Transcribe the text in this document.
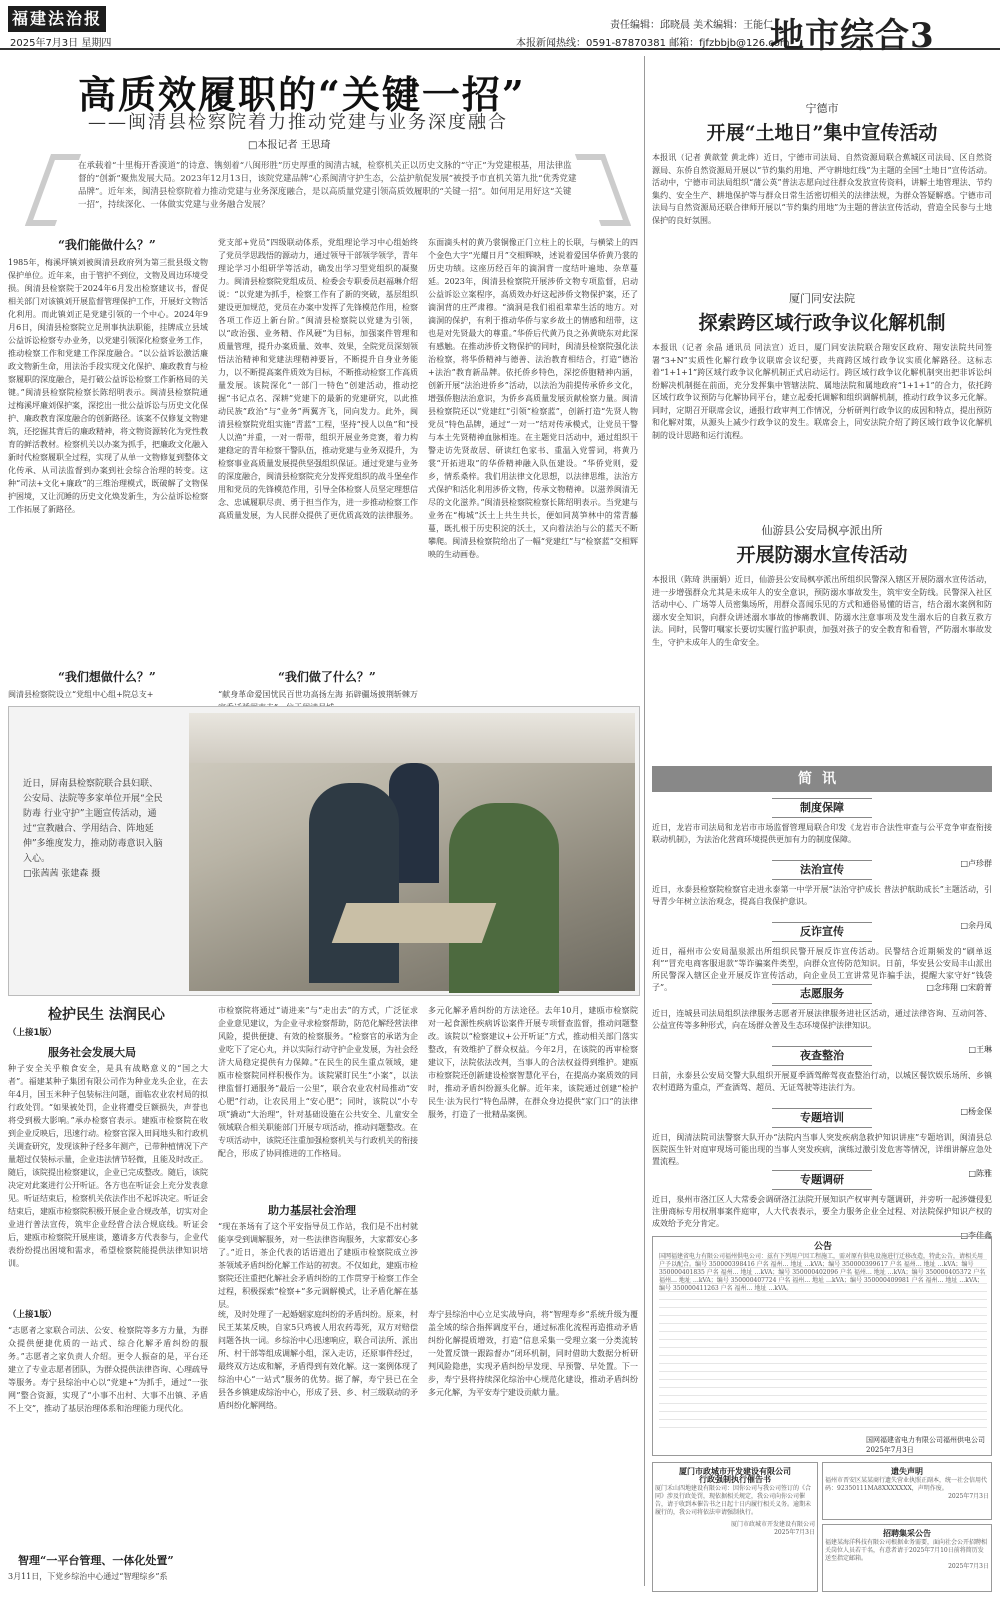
福建法治报
2025年7月3日 星期四
责任编辑：邱晓晨 美术编辑：王能仁
本报新闻热线：0591-87870381 邮箱：fjfzbbjb@126.com
地市综合3
高质效履职的“关键一招”
——闽清县检察院着力推动党建与业务深度融合
□本报记者 王思琦
在承载着“十里梅开香漠道”的诗意、镌刻着“八闽形胜”历史厚重的闽清古城，检察机关正以历史文脉的“守正”为党建根基，用法律监督的“创新”聚焦发展大局。2023年12月13日，该院党建品牌“心系闽清守护生态，公益护航促发展”被授予市直机关第九批“优秀党建品牌”。近年来，闽清县检察院着力推动党建与业务深度融合，是以高质量党建引领高质效履职的“关键一招”。如何用足用好这“关键一招”，持续深化、一体做实党建与业务融合发展？
“我们能做什么？”
1985年，梅溪坪镇刘被闽清县政府列为第三批县级文物保护单位。近年来，由于管护不到位，文物及周边环境受损。闽清县检察院于2024年6月发出检察建议书，督促相关部门对该镇刘开展监督管理保护工作，开展好文物活化利用。而此镇刘正是党建引领的一个中心。2024年9月6日，闽清县检察院立足刑事执法职能，挂牌成立县域公益诉讼检察专办业务，以党建引领深化检察业务工作，推动检察工作和党建工作深度融合。“以公益诉讼激活廉政文物新生命，用法治手段实现文化保护、廉政教育与检察履职的深度融合，是打破公益诉讼检察工作新格局的关键。”闽清县检察院检察长陈绍明表示。闽清县检察院通过梅溪坪廉刘保护案，深挖出一批公益诉讼与历史文化保护、廉政教育深度融合的创新路径。该案不仅修复文物建筑，还挖掘其背后的廉政精神，将文物资源转化为党性教育的鲜活教材。检察机关以办案为抓手，把廉政文化融入新时代检察履职全过程，实现了从单一文物修复到整体文化传承、从司法监督到办案到社会综合治理的转变。这种“司法+文化+廉政”的三维治理模式，既破解了文物保护困境，又让沉睡的历史文化焕发新生，为公益诉讼检察工作拓展了新路径。
“我们想做什么？”
闽清县检察院设立“党组中心组+院总支+
党支部+党员”四级联动体系，党组理论学习中心组始终了党员学思践悟的源动力，通过领导干部领学领学，青年理论学习小组研学等活动，确发出学习型党组织的凝聚力。闽清县检察院党组成员、检委会专职委员赵福琳介绍说：“以党建为抓手，检察工作有了新的突破，基层组织建设更加规范，党员在办案中发挥了先锋模范作用，检察各项工作迈上新台阶。”闽清县检察院以党建为引领，以“政治强、业务精、作风硬”为目标，加强案件管理和质量管理，提升办案质量、效率、效果，全院党员深刻领悟法治精神和党建法理精神要旨，不断提升自身业务能力，以不断提高案件质效为目标，不断推动检察工作高质量发展。该院深化“一部门一特色”创建活动，推动挖掘“书记点名、深耕”党建下的最新的党建研究，以此推动民族”政治“与“业务”两翼齐飞，同向发力。此外，闽清县检察院党组实施“青蓝”工程，坚持“授人以鱼”和“授人以渔”并重，一对一帮带，组织开展业务竞赛，着力构建稳定的青年检察干警队伍，推动党建与业务双提升，为检察事业高质量发展提供坚强组织保证。通过党建与业务的深度融合，闽清县检察院充分发挥党组织的战斗堡垒作用和党员的先锋模范作用，引导全体检察人员坚定理想信念、忠诚履职尽责、勇于担当作为，进一步推动检察工作高质量发展，为人民群众提供了更优质高效的法律服务。
“我们做了什么？”
“献身革命爱国忧民百世功高扬左海 拓辟疆场披荆斩棘万
东面滴头村的黄乃裳铜像正门立柱上的长联，与横梁上的四个金色大字“光耀日月”交相辉映，述说着爱国华侨黄乃裳的历史功绩。这座历经百年的滴洞背一度结叶遍地、杂草蔓延。2023年，闽清县检察院开展涉侨文物专项监督，启动公益诉讼立案程序，高质效办好这起涉侨文物保护案，还了滴洞背的庄严肃穆。“滴洞是我们祖祖辈辈生活的地方。对滴洞的保护，有利于推动华侨与家乡故土的情感和纽带，这也是对先贤最大的尊重。”华侨后代黄乃良之孙黄晓东对此深有感触。在推动涉侨文物保护的同时，闽清县检察院强化法治检察，将华侨精神与德善、法治教育相结合，打造“德治+法治”教育新品牌。依托侨乡特色，深挖侨胞精神内涵，创新开展“法治进侨乡”活动，以法治为前提传承侨乡文化，增强侨胞法治意识，为侨乡高质量发展贡献检察力量。闽清县检察院还以“党建红”引领“检察蓝”，创新打造“先贤人物党员”特色品牌，通过“一对一”结对传承模式，让党员干警与本土先贤精神血脉相连。在主题党日活动中，通过组织干警走访先贤故居、研读红色家书、重温入党誓词，将黄乃裳“开拓进取”的华侨精神融入队伍建设。“华侨党则，爱乡，情系桑梓。我们用法律文化思想，以法律思维，法治方式保护和活化利用涉侨文物，传承文物精神。以滋养闽清无尽的文化滋养。”闽清县检察院检察长陈绍明表示。当党建与业务在“梅城”沃土上共生共长，便如同莴笋林中的常青藤蔓，既扎根于历史积淀的沃土，又向着法治与公的蓝天不断攀爬。闽清县检察院给出了一幅“党建红”与“检察蓝”交相辉映的生动画卷。
近日，屏南县检察院联合县妇联、公安局、法院等多家单位开展“全民防毒 行业守护”主题宣传活动，通过“宣教融合、学用结合、阵地延伸”多维度发力，推动防毒意识入脑入心。
□张茜茜 张建森 摄
检护民生 法润民心
（上接1版）
服务社会发展大局
种子安全关乎粮食安全，是具有战略意义的“国之大者”。福建某种子集团有限公司作为种业龙头企业，在去年4月，国玉米种子包装标注问题，面临农业农村局的拟行政处罚。“如果被处罚，企业将遭受巨额损失，声誉也将受到极大影响。”承办检察官表示。建瓯市检察院在收到企业反映后，迅速行动。检察官深入田间地头和行政机关调查研究，发现该种子经多年测产，已带种植情况下产量超过仅装标示量，企业违法情节轻微，且能及时改正。随后，该院提出检察建议，企业已完成整改。随后，该院决定对此案进行公开听证。各方也在听证会上充分发表意见。听证结束后，检察机关依法作出不起诉决定。听证会结束后，建瓯市检察院积极开展企业合规改革，切实对企业进行普法宣传，筑牢企业经营合法合规底线。听证会后，建瓯市检察院开展座谈，邀请多方代表参与，企业代表纷纷提出困境和需求，希望检察院能提供法律知识培训。
市检察院将通过“请进来”与“走出去”的方式，广泛征求企业意见建议，为企业寻求检察帮助，防范化解经营法律风险，提供便捷、有效的检察服务。“检察官的承诺为企业吃下了定心丸，并以实际行动守护企业发展，为社会经济大局稳定提供有力保障。”在民生的民生重点领域，建瓯市检察院同样积极作为。该院紧盯民生“小案”，以法律监督打通服务“最后一公里”，联合农业农村局推动“安心肥”行动，让农民用上“安心肥”；同时，该院以“小专项”撬动“大治理”，针对基础设施在公共安全、儿童安全领域联合相关职能部门开展专项活动，推动问题整改。在专项活动中，该院还注重加强检察机关与行政机关的衔接配合，形成了协同推进的工作格局。
助力基层社会治理
“现在茶场有了这个平安指导员工作站，我们是不出村就能享受到调解服务，对一些法律咨询服务，大家都安心多了。”近日，茶企代表的话语道出了建瓯市检察院成立涉茶领域矛盾纠纷化解工作站的初衷。不仅如此，建瓯市检察院还注重把化解社会矛盾纠纷的工作贯穿于检察工作全过程，积极探索“检察+”多元调解模式，让矛盾化解在基层。
多元化解矛盾纠纷的方法途径。去年10月，建瓯市检察院对一起食源性疾病诉讼案件开展专项督查监督，推动问题整改。该院以“检察建议+公开听证”方式，推动相关部门落实整改，有效维护了群众权益。今年2月，在该院的再审检察建议下，法院依法改判，当事人的合法权益得到维护。建瓯市检察院还创新建设检察智慧化平台，在提高办案质效的同时，推动矛盾纠纷源头化解。近年来，该院通过创建“检护民生·法为民行”特色品牌，在群众身边提供“家门口”的法律服务，打造了一批精品案例。
（上接1版）
“志愿者之家联合司法、公安、检察院等多方力量，为群众提供便捷优质的一站式、综合化解矛盾纠纷的服务。”志愿者之家负责人介绍。更令人振奋的是，平台还建立了专业志愿者团队，为群众提供法律咨询、心理疏导等服务。寿宁县综治中心以“党建+”为抓手，通过“一张网”整合资源，实现了“小事不出村、大事不出镇、矛盾不上交”，推动了基层治理体系和治理能力现代化。
智理“一平台管理、一体化处置”
3月11日，下党乡综治中心通过“智理综乡”系
统，及时处理了一起婚姻家庭纠纷的矛盾纠纷。原来，村民王某某反映，自家5只鸡被人用农药毒死，双方对赔偿问题各执一词。乡综治中心迅速响应，联合司法所、派出所、村干部等组成调解小组，深入走访，还原事件经过，最终双方达成和解，矛盾得到有效化解。这一案例体现了综治中心“一站式”服务的优势。据了解，寿宁县已在全县各乡镇建成综治中心，形成了县、乡、村三级联动的矛盾纠纷化解网络。
寿宁县综治中心立足实战导向，将“智理寿乡”系统升级为覆盖全域的综合指挥调度平台，通过标准化流程再造推动矛盾纠纷化解提质增效，打造“信息采集一受理立案一分类流转一处置反馈一跟踪督办”闭环机制，同时借助大数据分析研判风险隐患，实现矛盾纠纷早发现、早预警、早处置。下一步，寿宁县将持续深化综治中心规范化建设，推动矛盾纠纷多元化解，为平安寿宁建设贡献力量。
宁德市
开展“土地日”集中宣传活动
本报讯（记者 黄歆萱 黄北烨）近日，宁德市司法局、自然资源局联合蕉城区司法局、区自然资源局、东侨自然资源局开展以“节约集约用地、严守耕地红线”为主题的全国“土地日”宣传活动。活动中，宁德市司法局组织“蒲公英”普法志愿向过往群众发放宣传资料，讲解土地管理法、节约集约、安全生产、耕地保护等与群众日常生活密切相关的法律法规，为群众答疑解惑。宁德市司法局与自然资源局还联合律师开展以“节约集约用地”为主题的普法宣传活动，营造全民参与土地保护的良好氛围。
厦门同安法院
探索跨区域行政争议化解机制
本报讯（记者 余晶 通讯员 同法宣）近日，厦门同安法院联合翔安区政府、翔安法院共同签署“3+N”实质性化解行政争议联席会议纪要，共商跨区域行政争议实质化解路径。这标志着“1+1+1”跨区域行政争议化解机制正式启动运行。跨区域行政争议化解机制突出把非诉讼纠纷解决机制挺在前面，充分发挥集中管辖法院、属地法院和属地政府“1+1+1”的合力，依托跨区域行政争议预防与化解协同平台，建立起委托调解和组织调解机制，推动行政争议多元化解。同时，定期召开联席会议，通报行政审判工作情况，分析研判行政争议的成因和特点，提出预防和化解对策，从源头上减少行政争议的发生。联席会上，同安法院介绍了跨区域行政争议化解机制的设计思路和运行流程。
仙游县公安局枫亭派出所
开展防溺水宣传活动
本报讯（陈琦 洪丽娟）近日，仙游县公安局枫亭派出所组织民警深入辖区开展防溺水宣传活动，进一步增强群众尤其是未成年人的安全意识，预防溺水事故发生，筑牢安全防线。民警深入社区活动中心、广场等人员密集场所，用群众喜闻乐见的方式和通俗易懂的语言，结合溺水案例和防溺水安全知识，向群众讲述溺水事故的惨痛教训、防溺水注意事项及发生溺水后的自救互救方法。同时，民警叮嘱家长要切实履行监护职责，加强对孩子的安全教育和看管，严防溺水事故发生，守护未成年人的生命安全。
简讯
制度保障
近日，龙岩市司法局和龙岩市市场监督管理局联合印发《龙岩市合法性审查与公平竞争审查衔接联动机制》，为法治化营商环境提供更加有力的制度保障。
□卢珍群
法治宣传
近日，永泰县检察院检察官走进永泰第一中学开展“法治守护成长 普法护航助成长”主题活动，引导青少年树立法治观念，提高自我保护意识。
□余丹凤
反诈宣传
近日，福州市公安局温泉派出所组织民警开展反诈宣传活动。民警结合近期频发的“刷单返利”“冒充电商客服退款”等诈骗案件类型，向群众宣传防范知识。日前，华安县公安局丰山派出所民警深入辖区企业开展反诈宣传活动，向企业员工宣讲常见诈骗手法，提醒大家守好“钱袋子”。	□念玮翔 □宋蔚菁
志愿服务
近日，连城县司法局组织法律服务志愿者开展法律服务进社区活动，通过法律咨询、互动问答、公益宣传等多种形式，向在场群众普及生态环境保护法律知识。
□王琳
夜查整治
日前，永泰县公安局交警大队组织开展夏季酒驾醉驾夜查整治行动，以城区餐饮娱乐场所、乡镇农村道路为重点，严查酒驾、超员、无证驾驶等违法行为。
□杨金保
专题培训
近日，闽清法院司法警察大队开办“法院内当事人突发疾病急救护知识讲座”专题培训，闽清县总医院医生针对庭审现场可能出现的当事人突发疾病，演练过激引发危害等情况，详细讲解应急处置流程。
□陈雅
专题调研
近日，泉州市洛江区人大常委会调研洛江法院开展知识产权审判专题调研，并旁听一起涉嫌侵犯注册商标专用权刑事案件庭审，人大代表表示，要全力服务企业全过程、对法院保护知识产权的成效给予充分肯定。
□李佳鑫
公告
国网福建省电力有限公司福州供电公司：兹有下列用户因工程施工，需对原有供电设施进行迁移改造，特此公告，请相关用户予以配合。编号 350000398416 户名 福州… 地址 …kVA；编号 350000399617 户名 福州… 地址 …kVA；编号 350000401835 户名 福州… 地址 …kVA；编号 350000402096 户名 福州… 地址 …kVA；编号 350000405372 户名 福州… 地址 …kVA；编号 350000407724 户名 福州… 地址 …kVA；编号 350000409981 户名 福州… 地址 …kVA；编号 350000411263 户名 福州… 地址 …kVA。
国网福建省电力有限公司福州供电公司
2025年7月3日
厦门市政城市开发建设有限公司
行政强制执行催告书
厦门禾山四地建设有限公司：因你公司与我公司签订的《合同》涉及行政处罚，现依据相关规定，我公司向你公司催告，请于收到本催告书之日起十日内履行相关义务。逾期未履行的，我公司将依法申请强制执行。
厦门市政城市开发建设有限公司
2025年7月3日
遗失声明
福州市晋安区某某商行遗失营业执照正副本，统一社会信用代码：92350111MA8XXXXXXX，声明作废。
2025年7月3日
招聘集采公告
福建某海洋科技有限公司根据业务需要，面向社会公开招聘相关岗位人员若干名，有意者请于2025年7月10日前将简历发送至指定邮箱。
2025年7月3日
